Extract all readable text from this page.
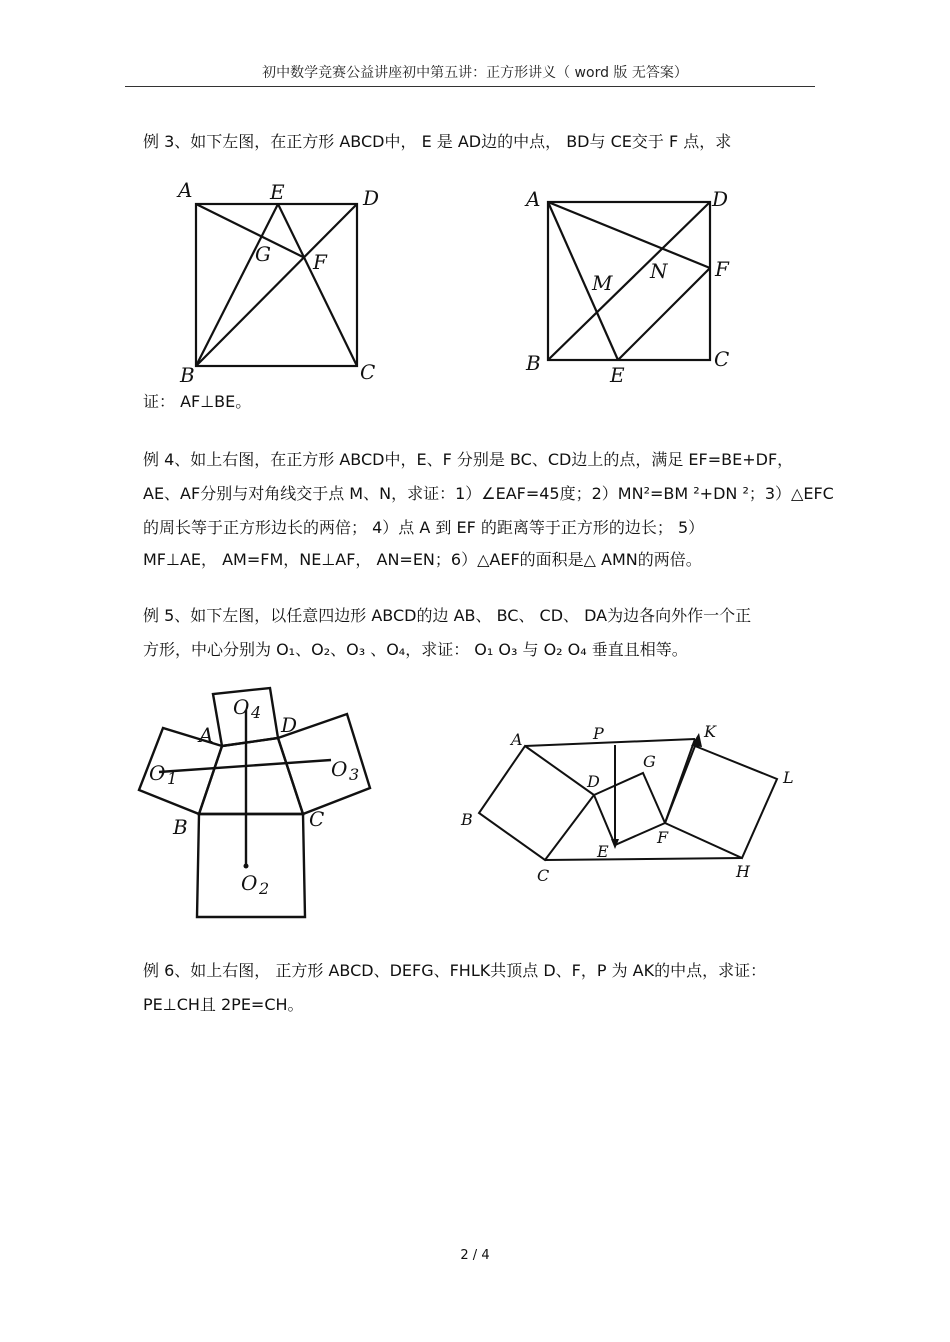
初中数学竞赛公益讲座初中第五讲：正方形讲义（ word 版 无答案）
例 3、如下左图，在正方形 ABCD中， E 是 AD边的中点， BD与 CE交于 F 点，求
A	E	D
G F
B	C
A	D
F
N
M
B	E
C
证： AF⊥BE。
例 4、如上右图，在正方形 ABCD中，E、F 分别是 BC、CD边上的点，满足 EF=BE+DF，
AE、AF分别与对角线交于点 M、N，求证：1）∠EAF=45度；2）MN²=BM ²+DN ²；3）△EFC
的周长等于正方形边长的两倍； 4）点 A 到 EF 的距离等于正方形的边长； 5）
MF⊥AE， AM=FM，NE⊥AF， AN=EN；6）△AEF的面积是△ AMN的两倍。
例 5、如下左图，以任意四边形 ABCD的边 AB、 BC、 CD、 DA为边各向外作一个正
方形，中心分别为 O₁、O₂、O₃ 、O₄，求证： O₁ O₃ 与 O₂ O₄ 垂直且相等。
A	D
B	C
O 1	O 3
O 4
O 2
A	P	K
G
D	L
B
F
E
C	H
例 6、如上右图， 正方形 ABCD、DEFG、FHLK共顶点 D、F，P 为 AK的中点，求证：
PE⊥CH且 2PE=CH。
2 / 4
